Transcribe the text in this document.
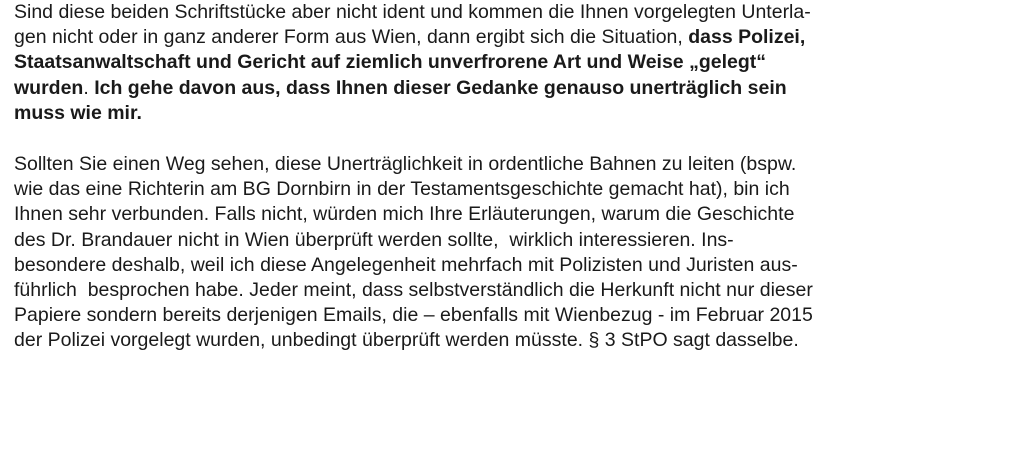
Sind diese beiden Schriftstücke aber nicht ident und kommen die Ihnen vorgelegten Unterla-
gen nicht oder in ganz anderer Form aus Wien, dann ergibt sich die Situation, dass Polizei,
Staatsanwaltschaft und Gericht auf ziemlich unverfrorene Art und Weise „gelegt“
wurden. Ich gehe davon aus, dass Ihnen dieser Gedanke genauso unerträglich sein
muss wie mir.

Sollten Sie einen Weg sehen, diese Unerträglichkeit in ordentliche Bahnen zu leiten (bspw.
wie das eine Richterin am BG Dornbirn in der Testamentsgeschichte gemacht hat), bin ich
Ihnen sehr verbunden. Falls nicht, würden mich Ihre Erläuterungen, warum die Geschichte
des Dr. Brandauer nicht in Wien überprüft werden sollte,  wirklich interessieren. Ins-
besondere deshalb, weil ich diese Angelegenheit mehrfach mit Polizisten und Juristen aus-
führlich  besprochen habe. Jeder meint, dass selbstverständlich die Herkunft nicht nur dieser
Papiere sondern bereits derjenigen Emails, die – ebenfalls mit Wienbezug - im Februar 2015
der Polizei vorgelegt wurden, unbedingt überprüft werden müsste. § 3 StPO sagt dasselbe.
